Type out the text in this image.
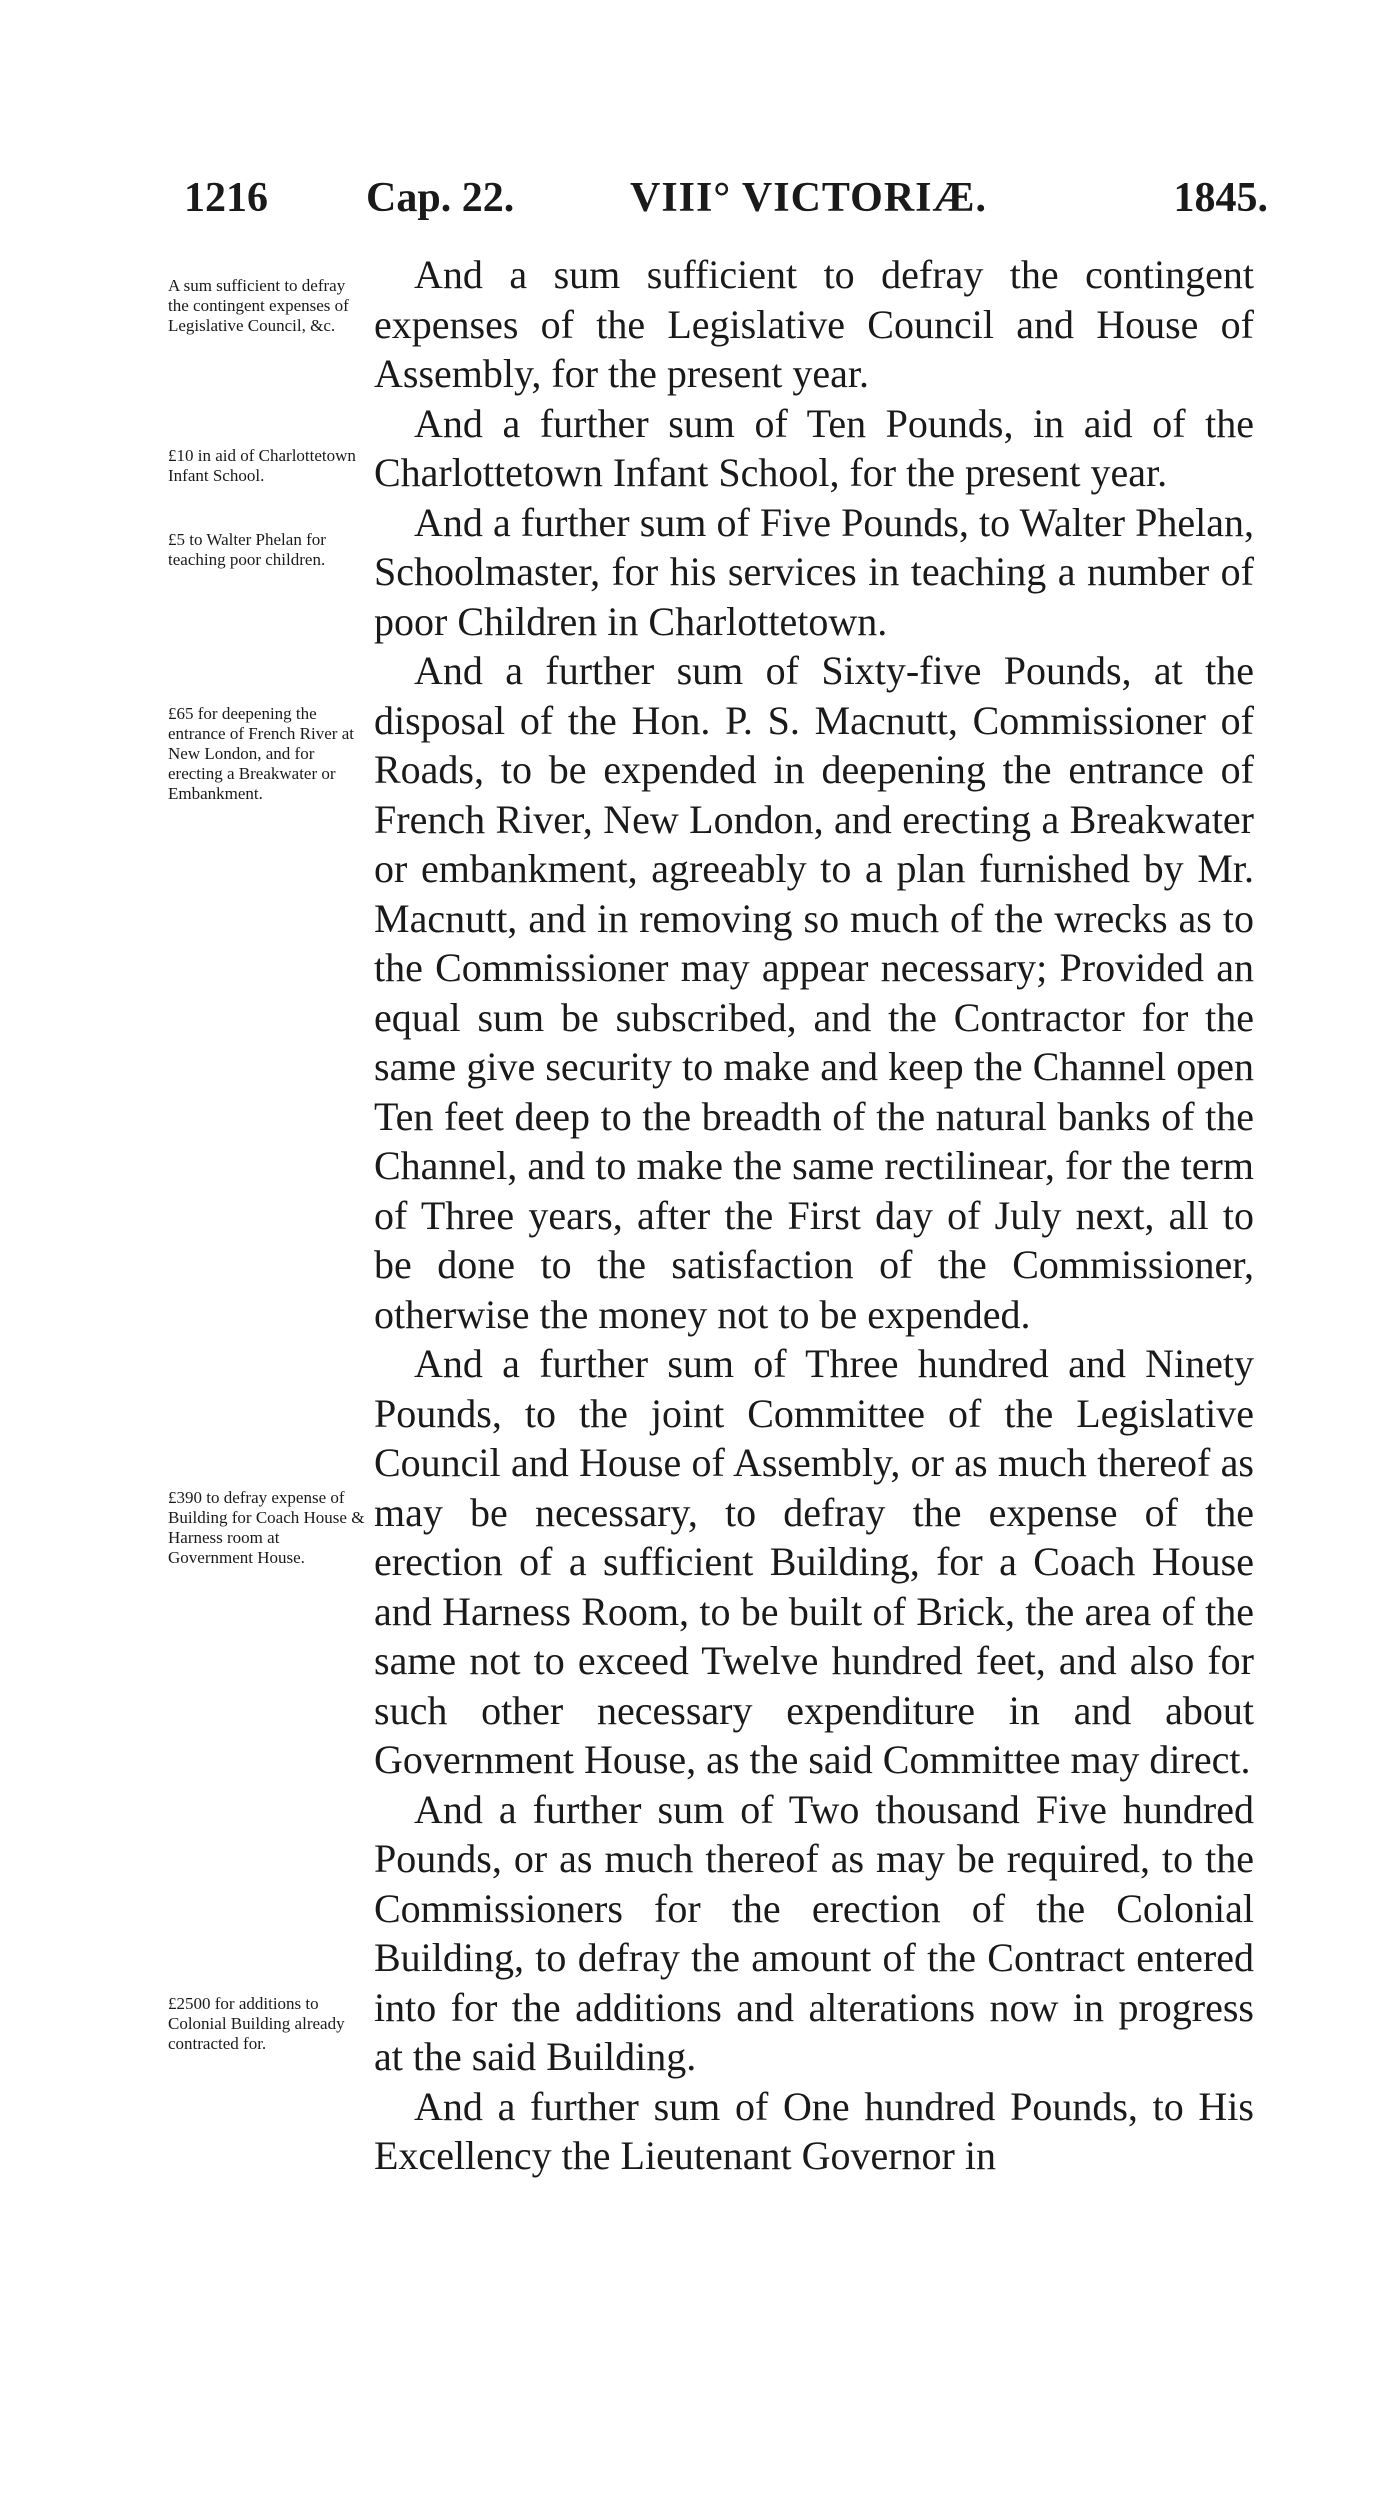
1216 Cap. 22.	VIII° VICTORIÆ.	1845.

A sum sufficient to defray the contingent expenses of Legislative Council, &c.

£10 in aid of Charlottetown Infant School.

£5 to Walter Phelan for teaching poor children.

£65 for deepening the entrance of French River at New London, and for erecting a Breakwater or Embankment.

£390 to defray expense of Building for Coach House & Harness room at Government House.

£2500 for additions to Colonial Building already contracted for.

And a sum sufficient to defray the contingent expenses of the Legislative Council and House of Assembly, for the present year.

And a further sum of Ten Pounds, in aid of the Charlottetown Infant School, for the present year.

And a further sum of Five Pounds, to Walter Phelan, Schoolmaster, for his services in teaching a number of poor Children in Charlottetown.

And a further sum of Sixty-five Pounds, at the disposal of the Hon. P. S. Macnutt, Commissioner of Roads, to be expended in deepening the entrance of French River, New London, and erecting a Breakwater or embankment, agreeably to a plan furnished by Mr. Macnutt, and in removing so much of the wrecks as to the Commissioner may appear necessary; Provided an equal sum be subscribed, and the Contractor for the same give security to make and keep the Channel open Ten feet deep to the breadth of the natural banks of the Channel, and to make the same rectilinear, for the term of Three years, after the First day of July next, all to be done to the satisfaction of the Commissioner, otherwise the money not to be expended.

And a further sum of Three hundred and Ninety Pounds, to the joint Committee of the Legislative Council and House of Assembly, or as much thereof as may be necessary, to defray the expense of the erection of a sufficient Building, for a Coach House and Harness Room, to be built of Brick, the area of the same not to exceed Twelve hundred feet, and also for such other necessary expenditure in and about Government House, as the said Committee may direct.

And a further sum of Two thousand Five hundred Pounds, or as much thereof as may be required, to the Commissioners for the erection of the Colonial Building, to defray the amount of the Contract entered into for the additions and alterations now in progress at the said Building.

And a further sum of One hundred Pounds, to His Excellency the Lieutenant Governor in
